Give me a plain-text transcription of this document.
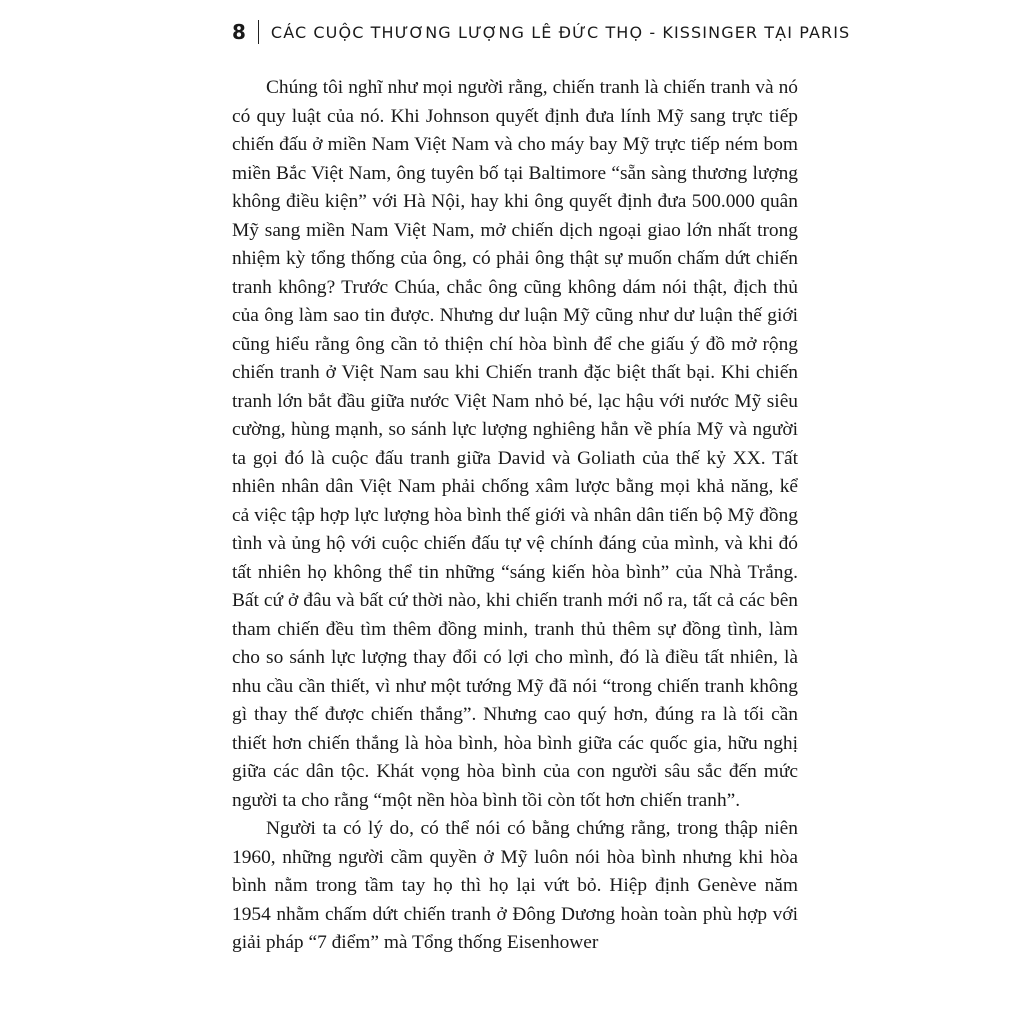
8 CÁC CUỘC THƯƠNG LƯỢNG LÊ ĐỨC THỌ - KISSINGER TẠI PARIS

Chúng tôi nghĩ như mọi người rằng, chiến tranh là chiến tranh và nó có quy luật của nó. Khi Johnson quyết định đưa lính Mỹ sang trực tiếp chiến đấu ở miền Nam Việt Nam và cho máy bay Mỹ trực tiếp ném bom miền Bắc Việt Nam, ông tuyên bố tại Baltimore “sẵn sàng thương lượng không điều kiện” với Hà Nội, hay khi ông quyết định đưa 500.000 quân Mỹ sang miền Nam Việt Nam, mở chiến dịch ngoại giao lớn nhất trong nhiệm kỳ tổng thống của ông, có phải ông thật sự muốn chấm dứt chiến tranh không? Trước Chúa, chắc ông cũng không dám nói thật, địch thủ của ông làm sao tin được. Nhưng dư luận Mỹ cũng như dư luận thế giới cũng hiểu rằng ông cần tỏ thiện chí hòa bình để che giấu ý đồ mở rộng chiến tranh ở Việt Nam sau khi Chiến tranh đặc biệt thất bại. Khi chiến tranh lớn bắt đầu giữa nước Việt Nam nhỏ bé, lạc hậu với nước Mỹ siêu cường, hùng mạnh, so sánh lực lượng nghiêng hẳn về phía Mỹ và người ta gọi đó là cuộc đấu tranh giữa David và Goliath của thế kỷ XX. Tất nhiên nhân dân Việt Nam phải chống xâm lược bằng mọi khả năng, kể cả việc tập hợp lực lượng hòa bình thế giới và nhân dân tiến bộ Mỹ đồng tình và ủng hộ với cuộc chiến đấu tự vệ chính đáng của mình, và khi đó tất nhiên họ không thể tin những “sáng kiến hòa bình” của Nhà Trắng. Bất cứ ở đâu và bất cứ thời nào, khi chiến tranh mới nổ ra, tất cả các bên tham chiến đều tìm thêm đồng minh, tranh thủ thêm sự đồng tình, làm cho so sánh lực lượng thay đổi có lợi cho mình, đó là điều tất nhiên, là nhu cầu cần thiết, vì như một tướng Mỹ đã nói “trong chiến tranh không gì thay thế được chiến thắng”. Nhưng cao quý hơn, đúng ra là tối cần thiết hơn chiến thắng là hòa bình, hòa bình giữa các quốc gia, hữu nghị giữa các dân tộc. Khát vọng hòa bình của con người sâu sắc đến mức người ta cho rằng “một nền hòa bình tồi còn tốt hơn chiến tranh”.

Người ta có lý do, có thể nói có bằng chứng rằng, trong thập niên 1960, những người cầm quyền ở Mỹ luôn nói hòa bình nhưng khi hòa bình nằm trong tầm tay họ thì họ lại vứt bỏ. Hiệp định Genève năm 1954 nhằm chấm dứt chiến tranh ở Đông Dương hoàn toàn phù hợp với giải pháp “7 điểm” mà Tổng thống Eisenhower
